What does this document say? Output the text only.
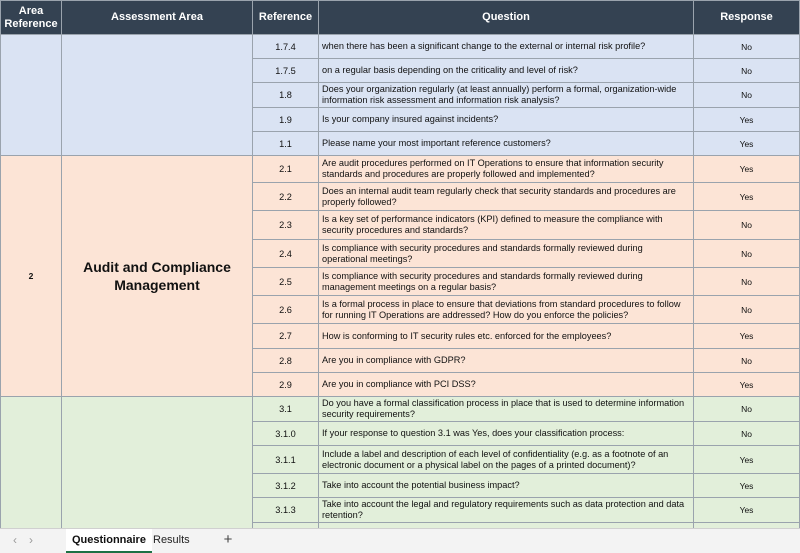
Area Reference	Assessment Area	Reference	Question	Response
		1.7.4	when there has been a significant change to the external or internal risk profile?	No
		1.7.5	on a regular basis depending on the criticality and level of risk?	No
		1.8	Does your organization regularly (at least annually) perform a formal, organization-wide information risk assessment and information risk analysis?	No
		1.9	Is your company insured against incidents?	Yes
		1.1	Please name your most important reference customers?	Yes
2	Audit and Compliance Management	2.1	Are audit procedures performed on IT Operations to ensure that information security standards and procedures are properly followed and implemented?	Yes
		2.2	Does an internal audit team regularly check that security standards and procedures are properly followed?	Yes
		2.3	Is a key set of performance indicators (KPI) defined to measure the compliance with security procedures and standards?	No
		2.4	Is compliance with security procedures and standards formally reviewed during operational meetings?	No
		2.5	Is compliance with security procedures and standards formally reviewed during management meetings on a regular basis?	No
		2.6	Is a formal process in place to ensure that deviations from standard procedures to follow for running IT Operations are addressed? How do you enforce the policies?	No
		2.7	How is conforming to IT security rules etc. enforced for the employees?	Yes
		2.8	Are you in compliance with GDPR?	No
		2.9	Are you in compliance with PCI DSS?	Yes
		3.1	Do you have a formal classification process in place that is used to determine information security requirements?	No
		3.1.0	If your response to question 3.1 was Yes, does your classification process:	No
		3.1.1	Include a label and description of each level of confidentiality (e.g. as a footnote of an electronic document or a physical label on the pages of a printed document)?	Yes
		3.1.2	Take into account the potential business impact?	Yes
		3.1.3	Take into account the legal and regulatory requirements such as data protection and data retention?	Yes

‹	›	Questionnaire Results	+
